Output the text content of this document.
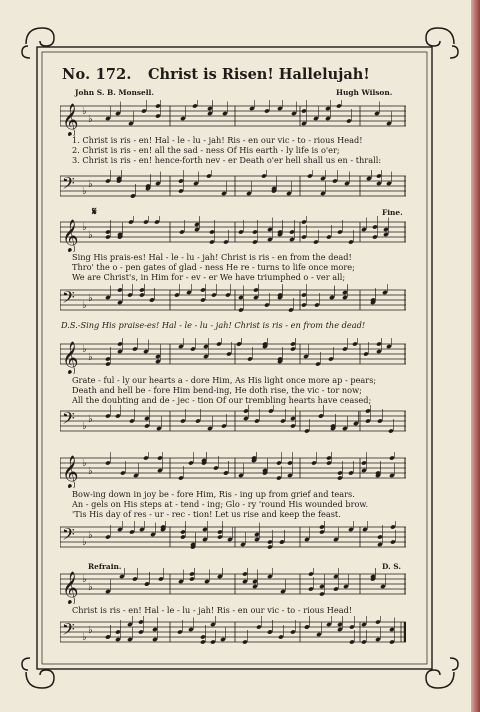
No. 172. Christ is Risen! Hallelujah!
John S. B. Monsell.	Hugh Wilson.
𝄞 ♭
♭
1. Christ is ris - en! Hal - le - lu - jah! Ris - en our vic - to - rious Head!
2. Christ is ris - en! all the sad - ness Of His earth - ly life is o'er;
3. Christ is ris - en! hence-forth nev - er Death o'er hell shall us en - thrall:
𝄢 ♭
♭
𝄋	Fine.
𝄞 ♭
♭
Sing His prais-es! Hal - le - lu - jah! Christ is ris - en from the dead!
Thro' the o - pen gates of glad - ness He re - turns to life once more;
We are Christ's, in Him for - ev - er We have triumphed o - ver all;
𝄢 ♭
♭
D.S.-Sing His praise-es! Hal - le - lu - jah! Christ is ris - en from the dead!
𝄞 ♭
♭
Grate - ful - ly our hearts a - dore Him, As His light once more ap - pears;
Death and hell be - fore Him bend-ing, He doth rise, the vic - tor now;
All the doubting and de - jec - tion Of our trembling hearts have ceased;
𝄢 ♭
♭
𝄞 ♭
♭
Bow-ing down in joy be - fore Him, Ris - ing up from grief and tears.
An - gels on His steps at - tend - ing; Glo - ry 'round His wounded brow.
'Tis His day of res - ur - rec - tion! Let us rise and keep the feast.
𝄢 ♭
♭
Refrain.	D. S.
𝄞 ♭
♭
Christ is ris - en! Hal - le - lu - jah! Ris - en our vic - to - rious Head!
𝄢 ♭
♭
